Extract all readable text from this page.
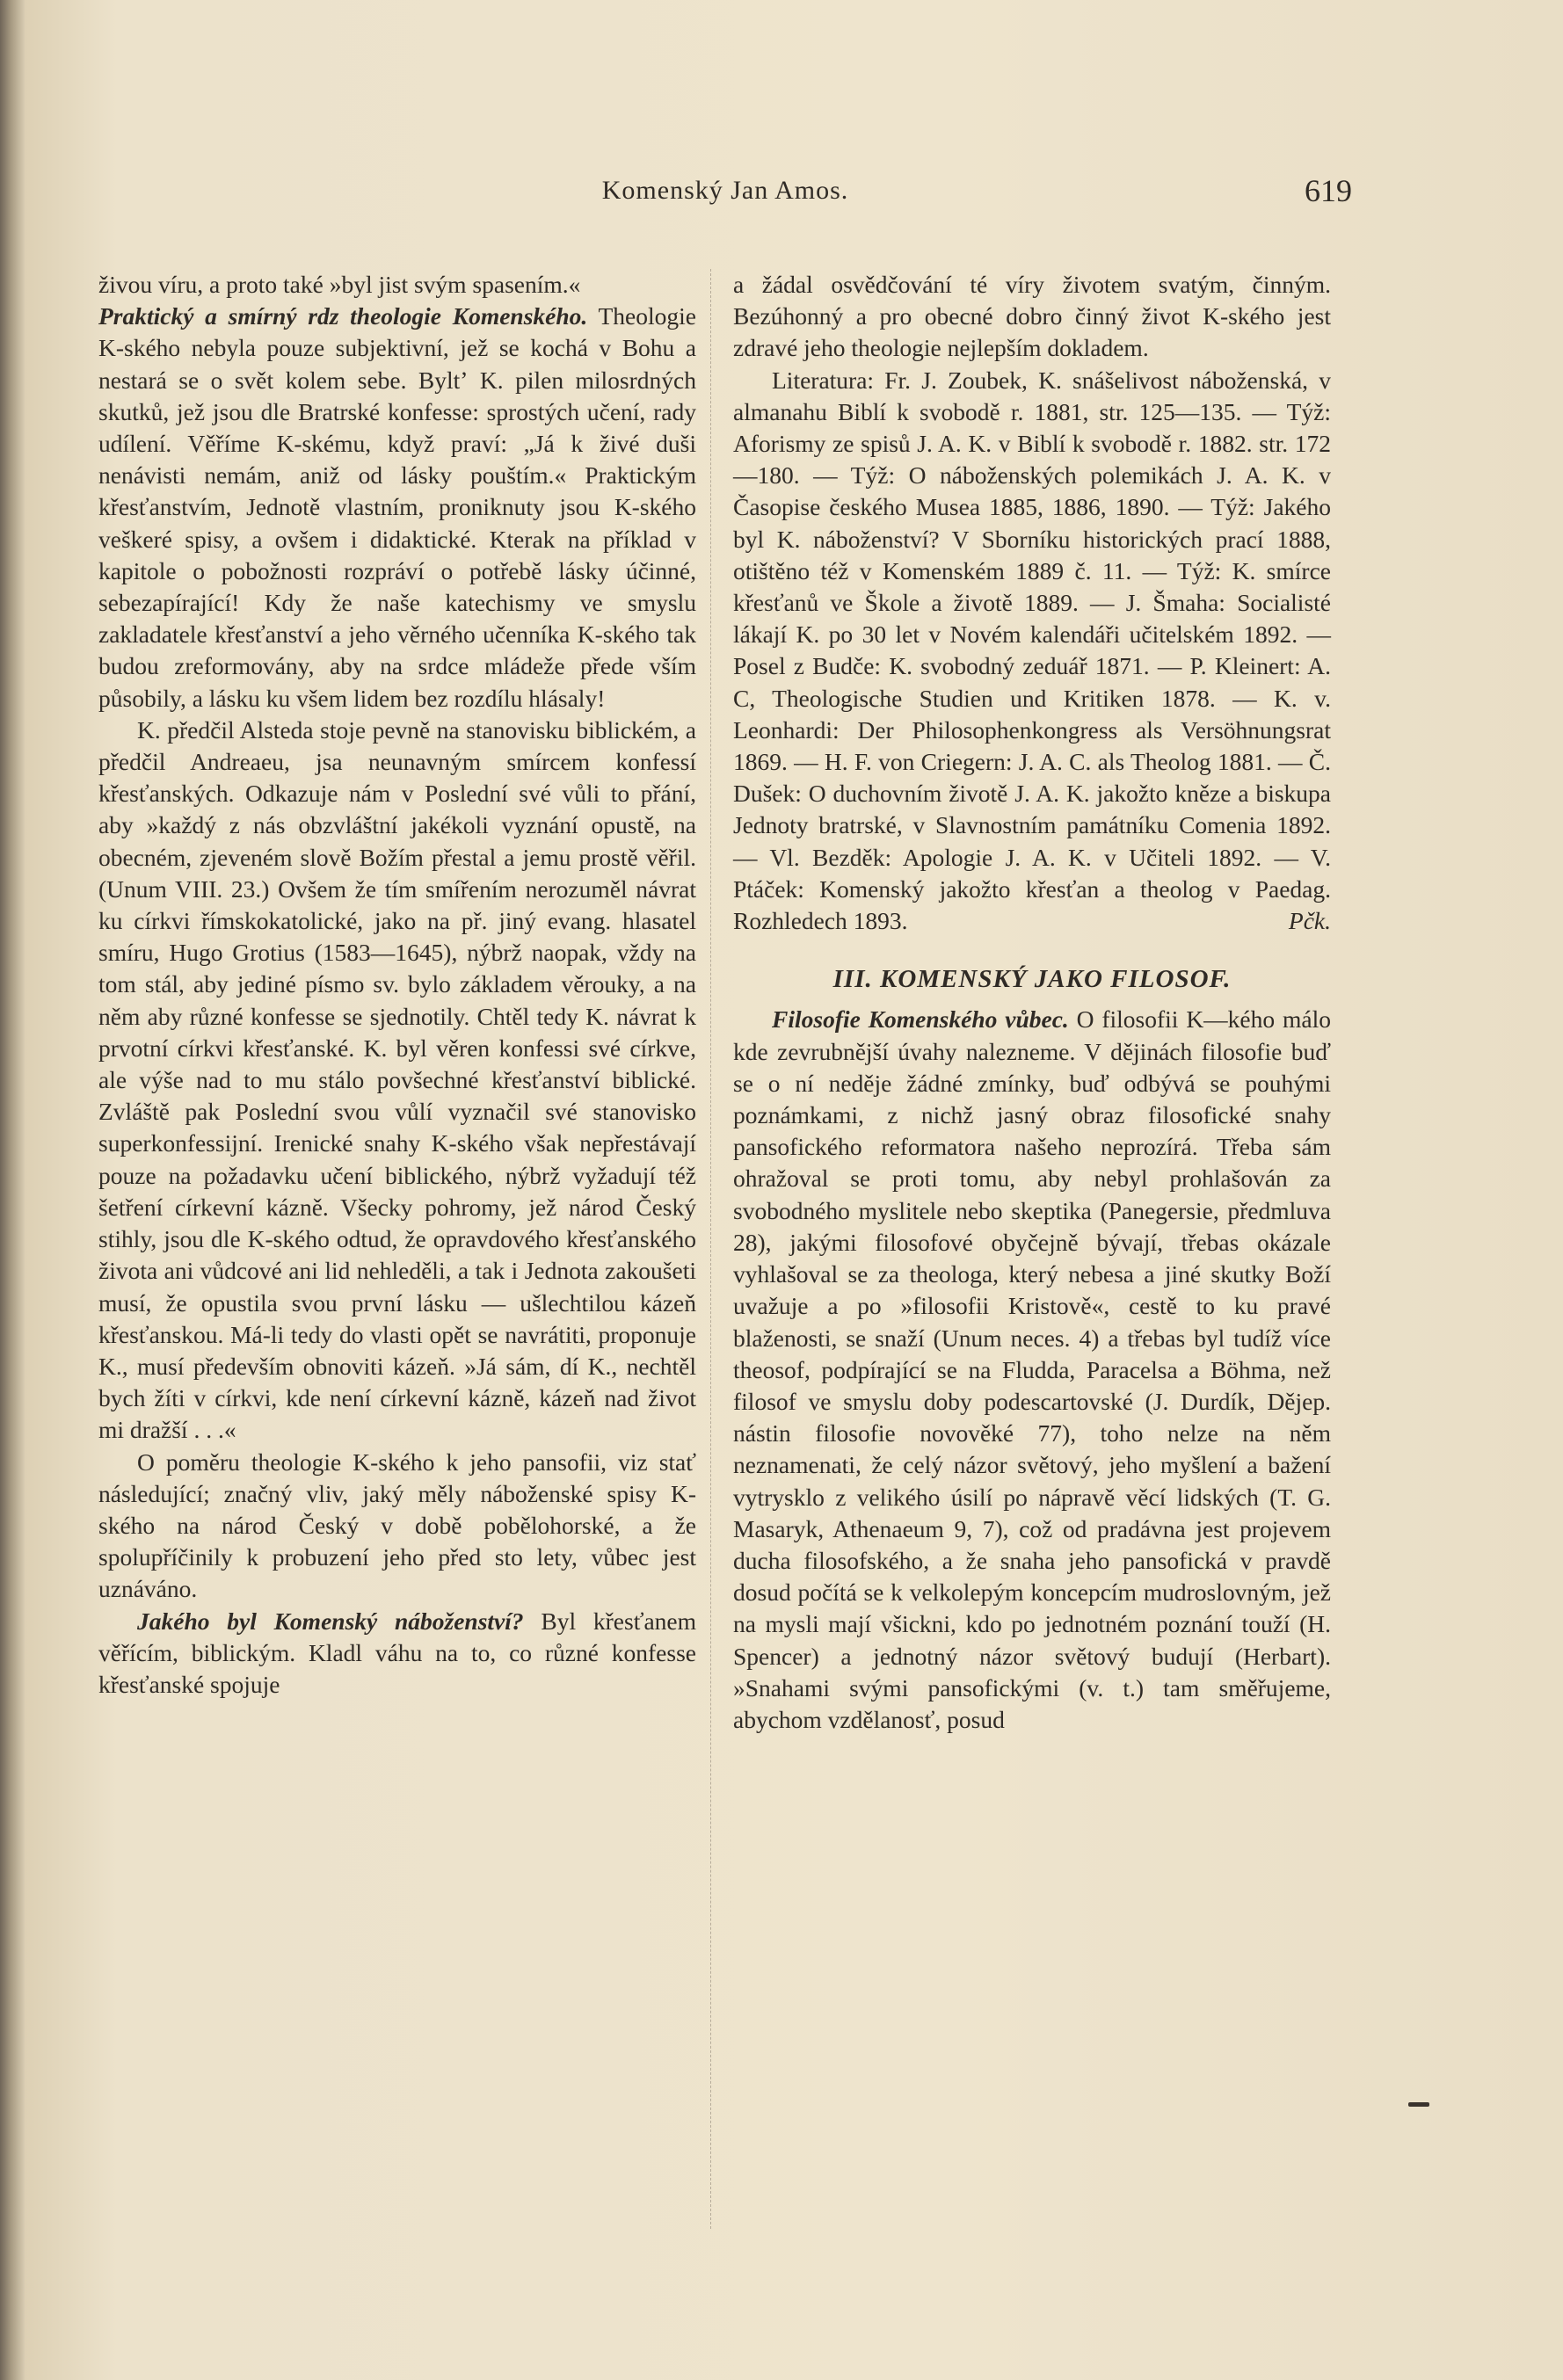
Komenský Jan Amos.	619

živou víru, a proto také »byl jist svým spasením.«

Praktický a smírný rdz theologie Komenského. Theologie K-ského nebyla pouze subjektivní, jež se kochá v Bohu a nestará se o svět kolem sebe. Byltʼ K. pilen milosrdných skutků, jež jsou dle Bratrské konfesse: sprostých učení, rady udílení. Věříme K-skému, když praví: „Já k živé duši nenávisti nemám, aniž od lásky pouštím.« Praktickým křesťanstvím, Jednotě vlastním, proniknuty jsou K-ského veškeré spisy, a ovšem i didaktické. Kterak na příklad v kapitole o pobožnosti rozpráví o potřebě lásky účinné, sebezapírající! Kdy že naše katechismy ve smyslu zakladatele křesťanství a jeho věrného učenníka K-ského tak budou zreformovány, aby na srdce mládeže přede vším působily, a lásku ku všem lidem bez rozdílu hlásaly!

K. předčil Alsteda stoje pevně na stanovisku biblickém, a předčil Andreaeu, jsa neunavným smírcem konfessí křesťanských. Odkazuje nám v Poslední své vůli to přání, aby »každý z nás obzvláštní jakékoli vyznání opustě, na obecném, zjeveném slově Božím přestal a jemu prostě věřil. (Unum VIII. 23.) Ovšem že tím smířením nerozuměl návrat ku církvi římskokatolické, jako na př. jiný evang. hlasatel smíru, Hugo Grotius (1583—1645), nýbrž naopak, vždy na tom stál, aby jediné písmo sv. bylo základem věrouky, a na něm aby různé konfesse se sjednotily. Chtěl tedy K. návrat k prvotní církvi křesťanské. K. byl věren konfessi své církve, ale výše nad to mu stálo povšechné křesťanství biblické. Zvláště pak Poslední svou vůlí vyznačil své stanovisko superkonfessijní. Irenické snahy K-ského však nepřestávají pouze na požadavku učení biblického, nýbrž vyžadují též šetření církevní kázně. Všecky pohromy, jež národ Český stihly, jsou dle K-ského odtud, že opravdového křesťanského života ani vůdcové ani lid nehleděli, a tak i Jednota zakoušeti musí, že opustila svou první lásku — ušlechtilou kázeň křesťanskou. Má-li tedy do vlasti opět se navrátiti, proponuje K., musí především obnoviti kázeň. »Já sám, dí K., nechtěl bych žíti v církvi, kde není církevní kázně, kázeň nad život mi dražší . . .«

O poměru theologie K-ského k jeho pansofii, viz stať následující; značný vliv, jaký měly náboženské spisy K-ského na národ Český v době pobělohorské, a že spolupříčinily k probuzení jeho před sto lety, vůbec jest uznáváno.

Jakého byl Komenský náboženství? Byl křesťanem věřícím, biblickým. Kladl váhu na to, co různé konfesse křesťanské spojuje

a žádal osvědčování té víry životem svatým, činným. Bezúhonný a pro obecné dobro činný život K-ského jest zdravé jeho theologie nejlepším dokladem.

Literatura: Fr. J. Zoubek, K. snášelivost náboženská, v almanahu Biblí k svobodě r. 1881, str. 125—135. — Týž: Aforismy ze spisů J. A. K. v Biblí k svobodě r. 1882. str. 172—180. — Týž: O náboženských polemikách J. A. K. v Časopise českého Musea 1885, 1886, 1890. — Týž: Jakého byl K. náboženství? V Sborníku historických prací 1888, otištěno též v Komenském 1889 č. 11. — Týž: K. smírce křesťanů ve Škole a životě 1889. — J. Šmaha: Socialisté lákají K. po 30 let v Novém kalendáři učitelském 1892. — Posel z Budče: K. svobodný zeduář 1871. — P. Kleinert: A. C, Theologische Studien und Kritiken 1878. — K. v. Leonhardi: Der Philosophenkongress als Versöhnungsrat 1869. — H. F. von Criegern: J. A. C. als Theolog 1881. — Č. Dušek: O duchovním životě J. A. K. jakožto kněze a biskupa Jednoty bratrské, v Slavnostním památníku Comenia 1892. — Vl. Bezděk: Apologie J. A. K. v Učiteli 1892. — V. Ptáček: Komenský jakožto křesťan a theolog v Paedag. Rozhledech 1893.	Pčk.

III. KOMENSKÝ JAKO FILOSOF.

Filosofie Komenského vůbec. O filosofii K—kého málo kde zevrubnější úvahy nalezneme. V dějinách filosofie buď se o ní neděje žádné zmínky, buď odbývá se pouhými poznámkami, z nichž jasný obraz filosofické snahy pansofického reformatora našeho neprozírá. Třeba sám ohražoval se proti tomu, aby nebyl prohlašován za svobodného myslitele nebo skeptika (Panegersie, předmluva 28), jakými filosofové obyčejně bývají, třebas okázale vyhlašoval se za theologa, který nebesa a jiné skutky Boží uvažuje a po »filosofii Kristově«, cestě to ku pravé blaženosti, se snaží (Unum neces. 4) a třebas byl tudíž více theosof, podpírající se na Fludda, Paracelsa a Böhma, než filosof ve smyslu doby podescartovské (J. Durdík, Dějep. nástin filosofie novověké 77), toho nelze na něm neznamenati, že celý názor světový, jeho myšlení a bažení vytrysklo z velikého úsilí po nápravě věcí lidských (T. G. Masaryk, Athenaeum 9, 7), což od pradávna jest projevem ducha filosofského, a že snaha jeho pansofická v pravdě dosud počítá se k velkolepým koncepcím mudroslovným, jež na mysli mají všickni, kdo po jednotném poznání touží (H. Spencer) a jednotný názor světový budují (Herbart). »Snahami svými pansofickými (v. t.) tam směřujeme, abychom vzdělanosť, posud
